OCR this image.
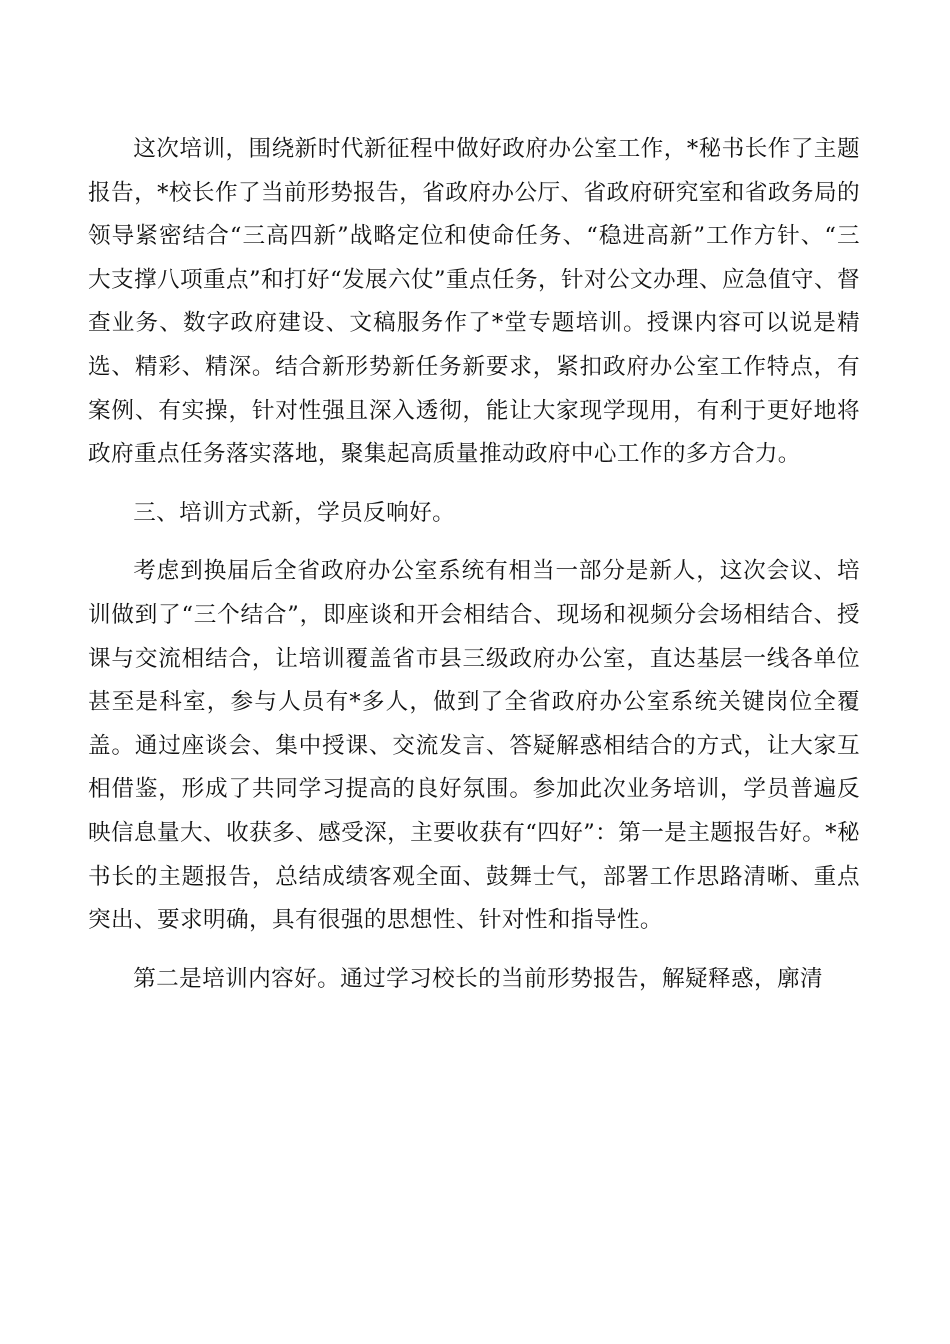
这次培训，围绕新时代新征程中做好政府办公室工作，*秘书长作了主题报告，*校长作了当前形势报告，省政府办公厅、省政府研究室和省政务局的领导紧密结合“三高四新”战略定位和使命任务、“稳进高新”工作方针、“三大支撑八项重点”和打好“发展六仗”重点任务，针对公文办理、应急值守、督查业务、数字政府建设、文稿服务作了*堂专题培训。授课内容可以说是精选、精彩、精深。结合新形势新任务新要求，紧扣政府办公室工作特点，有案例、有实操，针对性强且深入透彻，能让大家现学现用，有利于更好地将政府重点任务落实落地，聚集起高质量推动政府中心工作的多方合力。

三、培训方式新，学员反响好。

考虑到换届后全省政府办公室系统有相当一部分是新人，这次会议、培训做到了“三个结合”，即座谈和开会相结合、现场和视频分会场相结合、授课与交流相结合，让培训覆盖省市县三级政府办公室，直达基层一线各单位甚至是科室，参与人员有*多人，做到了全省政府办公室系统关键岗位全覆盖。通过座谈会、集中授课、交流发言、答疑解惑相结合的方式，让大家互相借鉴，形成了共同学习提高的良好氛围。参加此次业务培训，学员普遍反映信息量大、收获多、感受深，主要收获有“四好”：第一是主题报告好。*秘书长的主题报告，总结成绩客观全面、鼓舞士气，部署工作思路清晰、重点突出、要求明确，具有很强的思想性、针对性和指导性。

第二是培训内容好。通过学习校长的当前形势报告，解疑释惑，廓清
